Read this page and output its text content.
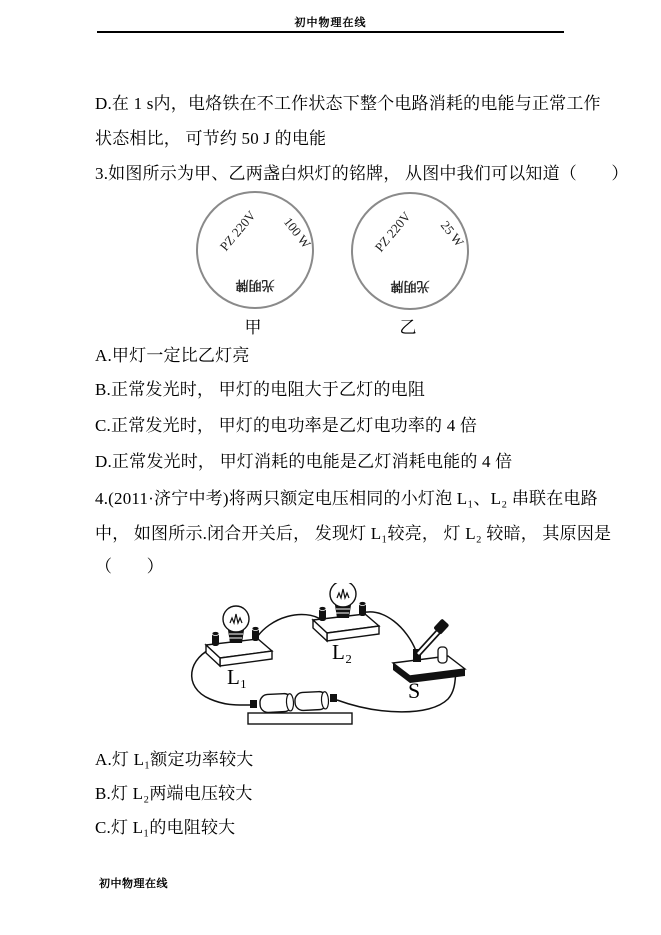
初中物理在线
D.在 1 s内，电烙铁在不工作状态下整个电路消耗的电能与正常工作
状态相比， 可节约 50 J 的电能
3.如图所示为甲、乙两盏白炽灯的铭牌， 从图中我们可以知道（　　）
PZ 220V	100 W
光明牌
甲
PZ 220V	25 W
光明牌
乙
A.甲灯一定比乙灯亮
B.正常发光时， 甲灯的电阻大于乙灯的电阻
C.正常发光时， 甲灯的电功率是乙灯电功率的 4 倍
D.正常发光时， 甲灯消耗的电能是乙灯消耗电能的 4 倍
4.(2011·济宁中考)将两只额定电压相同的小灯泡 L₁、L₂ 串联在电路
中， 如图所示.闭合开关后， 发现灯 L₁较亮， 灯 L₂ 较暗， 其原因是
（　　）
L₁
L₂
S
A.灯 L₁额定功率较大
B.灯 L₂两端电压较大
C.灯 L₁的电阻较大
初中物理在线
